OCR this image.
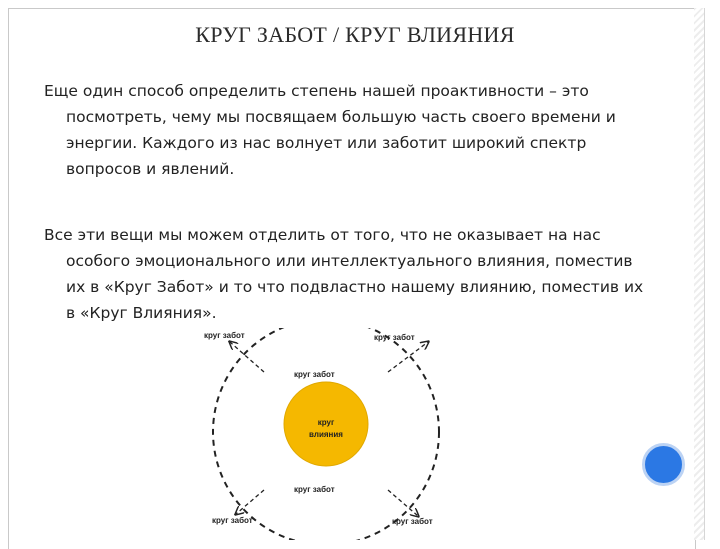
КРУГ ЗАБОТ / КРУГ ВЛИЯНИЯ

Еще один способ определить степень нашей проактивности – это посмотреть, чему мы посвящаем большую часть своего времени и энергии. Каждого из нас волнует или заботит широкий спектр вопросов и явлений.

Все эти вещи мы можем отделить от того, что не оказывает на нас особого эмоционального или интеллектуального влияния, поместив их в «Круг Забот» и то что подвластно нашему влиянию, поместив их в «Круг Влияния».

круг забот	круг забот
круг забот
круг
влияния
круг забот
круг забот	круг забот
